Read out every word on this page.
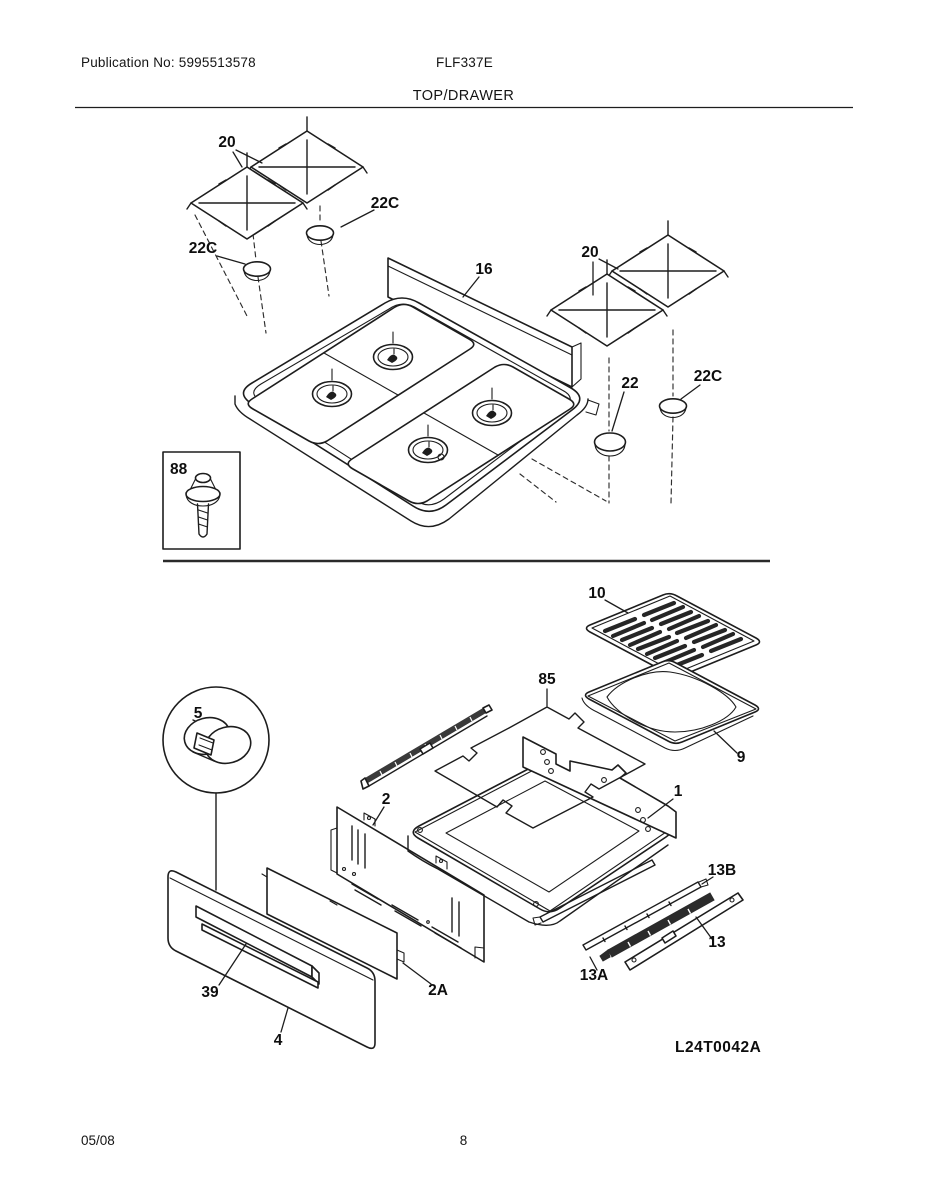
Publication No: 5995513578	FLF337E
TOP/DRAWER
20
22C
22C
16
20
22	22C
88
10
9
85
5
2	1
13B
13
13A
39	2A
4	L24T0042A
05/08	8
